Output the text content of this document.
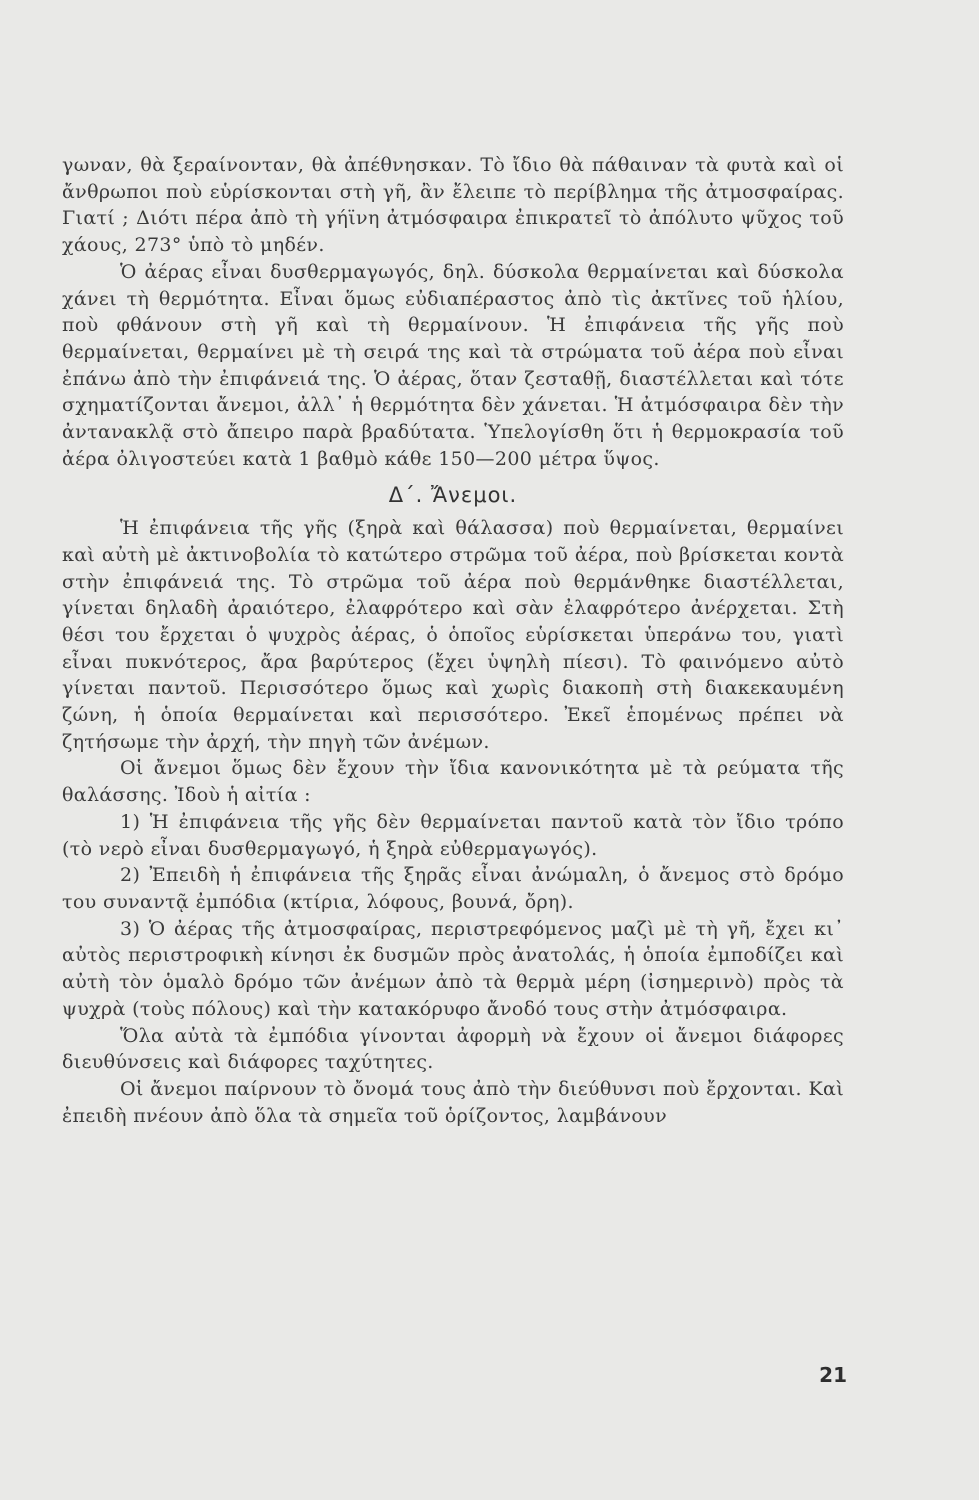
γωναν, θὰ ξεραίνονταν, θὰ ἀπέθνησκαν. Τὸ ἴδιο θὰ πάθαιναν τὰ φυτὰ καὶ οἱ ἄνθρωποι ποὺ εὑρίσκονται στὴ γῆ, ἂν ἔλειπε τὸ περίβλημα τῆς ἀτμοσφαίρας. Γιατί ; Διότι πέρα ἀπὸ τὴ γήϊνη ἀτμόσφαιρα ἐπικρατεῖ τὸ ἀπόλυτο ψῦχος τοῦ χάους, 273° ὑπὸ τὸ μηδέν.

Ὁ ἀέρας εἶναι δυσθερμαγωγός, δηλ. δύσκολα θερμαίνεται καὶ δύσκολα χάνει τὴ θερμότητα. Εἶναι ὅμως εὐδιαπέραστος ἀπὸ τὶς ἀκτῖνες τοῦ ἡλίου, ποὺ φθάνουν στὴ γῆ καὶ τὴ θερμαίνουν. Ἡ ἐπιφάνεια τῆς γῆς ποὺ θερμαίνεται, θερμαίνει μὲ τὴ σειρά της καὶ τὰ στρώματα τοῦ ἀέρα ποὺ εἶναι ἐπάνω ἀπὸ τὴν ἐπιφάνειά της. Ὁ ἀέρας, ὅταν ζεσταθῇ, διαστέλλεται καὶ τότε σχηματίζονται ἄνεμοι, ἀλλ᾽ ἡ θερμότητα δὲν χάνεται. Ἡ ἀτμόσφαιρα δὲν τὴν ἀντανακλᾷ στὸ ἄπειρο παρὰ βραδύτατα. Ὑπελογίσθη ὅτι ἡ θερμοκρασία τοῦ ἀέρα ὀλιγοστεύει κατὰ 1 βαθμὸ κάθε 150—200 μέτρα ὕψος.

Δ΄. Ἄνεμοι.

Ἡ ἐπιφάνεια τῆς γῆς (ξηρὰ καὶ θάλασσα) ποὺ θερμαίνεται, θερμαίνει καὶ αὐτὴ μὲ ἀκτινοβολία τὸ κατώτερο στρῶμα τοῦ ἀέρα, ποὺ βρίσκεται κοντὰ στὴν ἐπιφάνειά της. Τὸ στρῶμα τοῦ ἀέρα ποὺ θερμάνθηκε διαστέλλεται, γίνεται δηλαδὴ ἀραιότερο, ἐλαφρότερο καὶ σὰν ἐλαφρότερο ἀνέρχεται. Στὴ θέσι του ἔρχεται ὁ ψυχρὸς ἀέρας, ὁ ὁποῖος εὑρίσκεται ὑπεράνω του, γιατὶ εἶναι πυκνότερος, ἄρα βαρύτερος (ἔχει ὑψηλὴ πίεσι). Τὸ φαινόμενο αὐτὸ γίνεται παντοῦ. Περισσότερο ὅμως καὶ χωρὶς διακοπὴ στὴ διακεκαυμένη ζώνη, ἡ ὁποία θερμαίνεται καὶ περισσότερο. Ἐκεῖ ἑπομένως πρέπει νὰ ζητήσωμε τὴν ἀρχή, τὴν πηγὴ τῶν ἀνέμων.

Οἱ ἄνεμοι ὅμως δὲν ἔχουν τὴν ἴδια κανονικότητα μὲ τὰ ρεύματα τῆς θαλάσσης. Ἰδοὺ ἡ αἰτία :

1) Ἡ ἐπιφάνεια τῆς γῆς δὲν θερμαίνεται παντοῦ κατὰ τὸν ἴδιο τρόπο (τὸ νερὸ εἶναι δυσθερμαγωγό, ἡ ξηρὰ εὐθερμαγωγός).

2) Ἐπειδὴ ἡ ἐπιφάνεια τῆς ξηρᾶς εἶναι ἀνώμαλη, ὁ ἄνεμος στὸ δρόμο του συναντᾷ ἐμπόδια (κτίρια, λόφους, βουνά, ὄρη).

3) Ὁ ἀέρας τῆς ἀτμοσφαίρας, περιστρεφόμενος μαζὶ μὲ τὴ γῆ, ἔχει κι᾽ αὐτὸς περιστροφικὴ κίνησι ἐκ δυσμῶν πρὸς ἀνατολάς, ἡ ὁποία ἐμποδίζει καὶ αὐτὴ τὸν ὁμαλὸ δρόμο τῶν ἀνέμων ἀπὸ τὰ θερμὰ μέρη (ἰσημερινὸ) πρὸς τὰ ψυχρὰ (τοὺς πόλους) καὶ τὴν κατακόρυφο ἄνοδό τους στὴν ἀτμόσφαιρα.

Ὅλα αὐτὰ τὰ ἐμπόδια γίνονται ἀφορμὴ νὰ ἔχουν οἱ ἄνεμοι διάφορες διευθύνσεις καὶ διάφορες ταχύτητες.

Οἱ ἄνεμοι παίρνουν τὸ ὄνομά τους ἀπὸ τὴν διεύθυνσι ποὺ ἔρχονται. Καὶ ἐπειδὴ πνέουν ἀπὸ ὅλα τὰ σημεῖα τοῦ ὁρίζοντος, λαμβάνουν

21
